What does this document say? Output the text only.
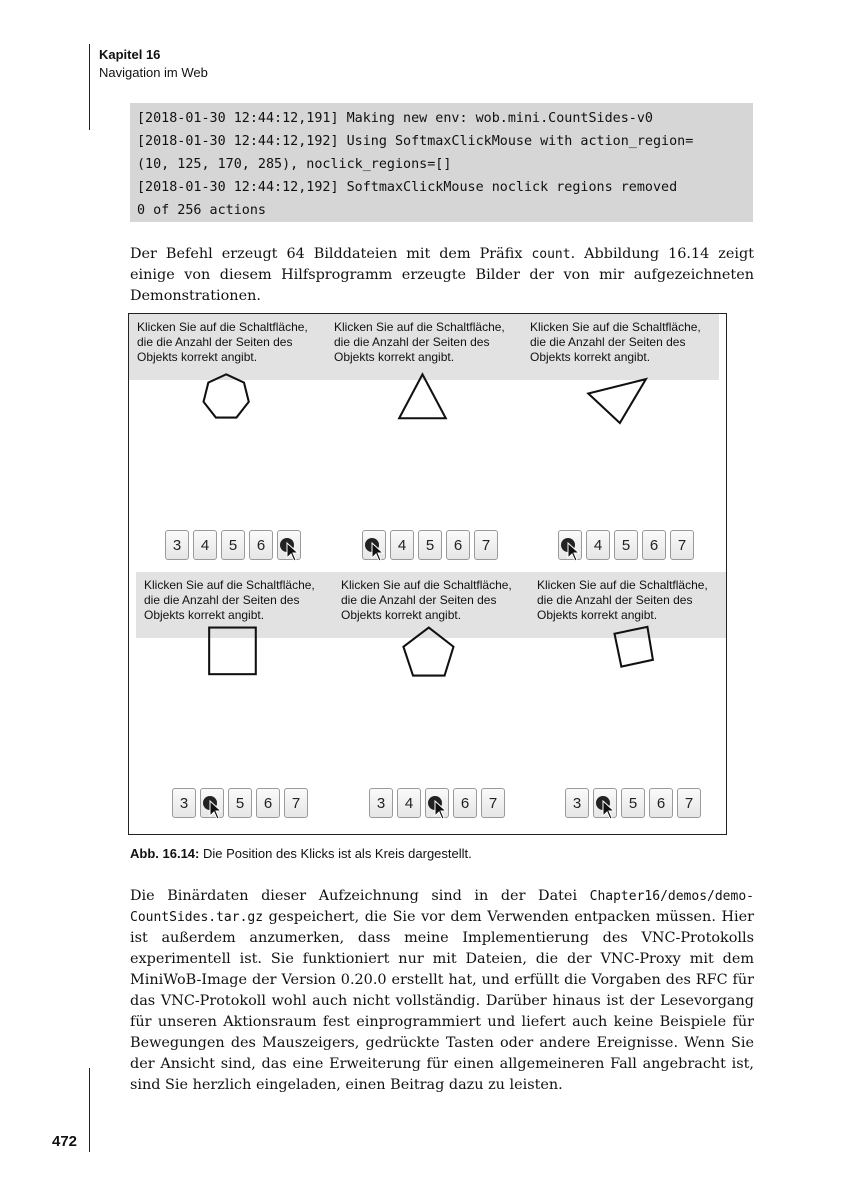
Kapitel 16
Navigation im Web
[2018-01-30 12:44:12,191] Making new env: wob.mini.CountSides-v0
[2018-01-30 12:44:12,192] Using SoftmaxClickMouse with action_region=
(10, 125, 170, 285), noclick_regions=[]
[2018-01-30 12:44:12,192] SoftmaxClickMouse noclick regions removed
0 of 256 actions
Der Befehl erzeugt 64 Bilddateien mit dem Präfix count. Abbildung 16.14 zeigt einige von diesem Hilfsprogramm erzeugte Bilder der von mir aufgezeichneten Demonstrationen.
Klicken Sie auf die Schaltfläche, die die Anzahl der Seiten des Objekts korrekt angibt.
3	4	5	6
Klicken Sie auf die Schaltfläche, die die Anzahl der Seiten des Objekts korrekt angibt.
4	5	6	7
Klicken Sie auf die Schaltfläche, die die Anzahl der Seiten des Objekts korrekt angibt.
4	5	6	7
Klicken Sie auf die Schaltfläche, die die Anzahl der Seiten des Objekts korrekt angibt.
3	5	6	7
Klicken Sie auf die Schaltfläche, die die Anzahl der Seiten des Objekts korrekt angibt.
3	4	6	7
Klicken Sie auf die Schaltfläche, die die Anzahl der Seiten des Objekts korrekt angibt.
3	5	6	7
Abb. 16.14: Die Position des Klicks ist als Kreis dargestellt.
Die Binärdaten dieser Aufzeichnung sind in der Datei Chapter16/demos/demo-CountSides.tar.gz gespeichert, die Sie vor dem Verwenden entpacken müssen. Hier ist außerdem anzumerken, dass meine Implementierung des VNC-Protokolls experimentell ist. Sie funktioniert nur mit Dateien, die der VNC-Proxy mit dem MiniWoB-Image der Version 0.20.0 erstellt hat, und erfüllt die Vorgaben des RFC für das VNC-Protokoll wohl auch nicht vollständig. Darüber hinaus ist der Lesevorgang für unseren Aktionsraum fest einprogrammiert und liefert auch keine Beispiele für Bewegungen des Mauszeigers, gedrückte Tasten oder andere Ereignisse. Wenn Sie der Ansicht sind, das eine Erweiterung für einen allgemeineren Fall angebracht ist, sind Sie herzlich eingeladen, einen Beitrag dazu zu leisten.
472
